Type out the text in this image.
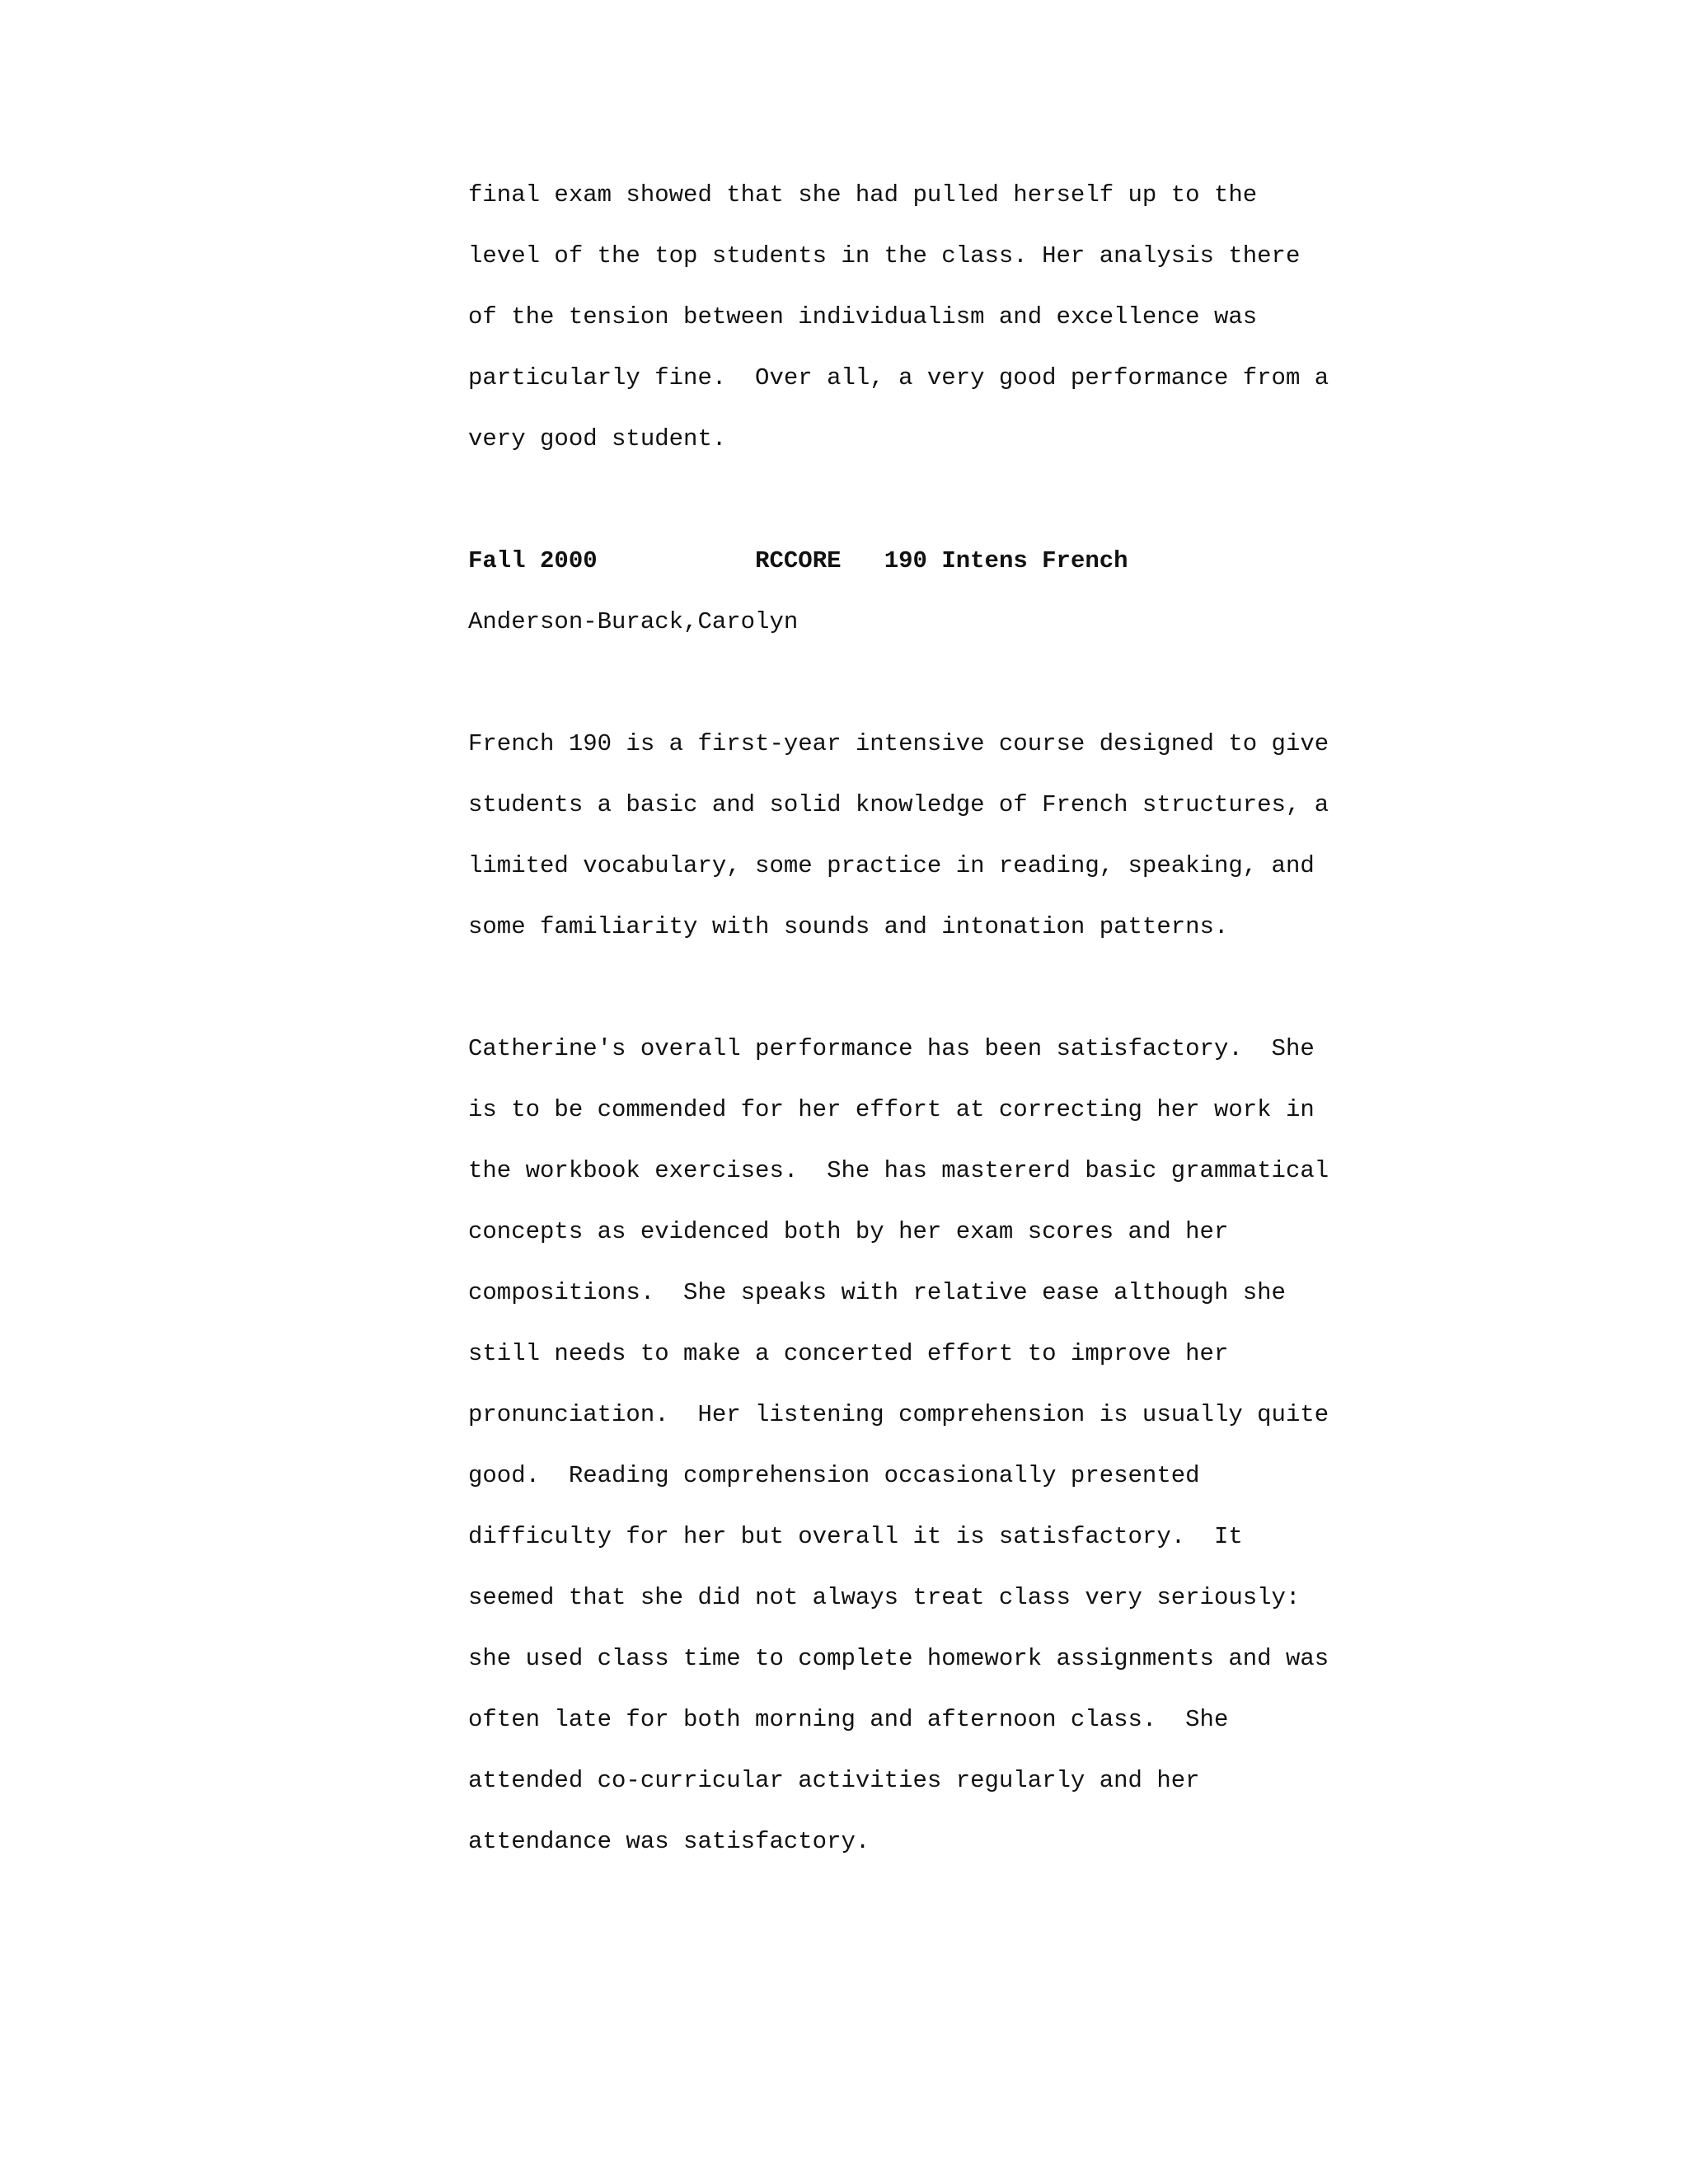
final exam showed that she had pulled herself up to the

level of the top students in the class. Her analysis there

of the tension between individualism and excellence was

particularly fine.  Over all, a very good performance from a

very good student.

Fall 2000	RCCORE 190 Intens French

Anderson-Burack,Carolyn

French 190 is a first-year intensive course designed to give

students a basic and solid knowledge of French structures, a

limited vocabulary, some practice in reading, speaking, and

some familiarity with sounds and intonation patterns.

Catherine's overall performance has been satisfactory.  She

is to be commended for her effort at correcting her work in

the workbook exercises.  She has mastererd basic grammatical

concepts as evidenced both by her exam scores and her

compositions.  She speaks with relative ease although she

still needs to make a concerted effort to improve her

pronunciation.  Her listening comprehension is usually quite

good.  Reading comprehension occasionally presented

difficulty for her but overall it is satisfactory.  It

seemed that she did not always treat class very seriously:

she used class time to complete homework assignments and was

often late for both morning and afternoon class.  She

attended co-curricular activities regularly and her

attendance was satisfactory.
